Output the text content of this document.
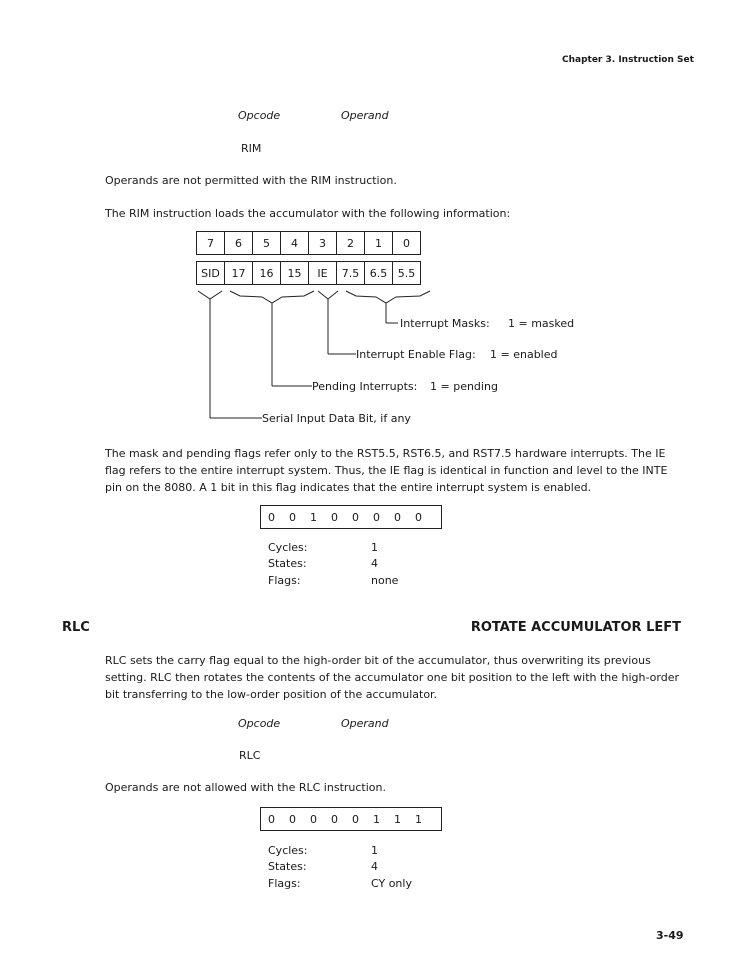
Chapter 3. Instruction Set
Opcode	Operand
RIM
Operands are not permitted with the RIM instruction.
The RIM instruction loads the accumulator with the following information:
7	6	5	4	3	2	1	0

SID	17	16	15	IE	7.5	6.5	5.5
Interrupt Masks: 1 = masked
Interrupt Enable Flag: 1 = enabled
Pending Interrupts: 1 = pending
Serial Input Data Bit, if any
The mask and pending flags refer only to the RST5.5, RST6.5, and RST7.5 hardware interrupts. The IE flag refers to the entire interrupt system. Thus, the IE flag is identical in function and level to the INTE pin on the 8080. A 1 bit in this flag indicates that the entire interrupt system is enabled.
0	0	1	0	0	0	0	0
Cycles:	1
States:	4
Flags:	none
RLC	ROTATE ACCUMULATOR LEFT
RLC sets the carry flag equal to the high-order bit of the accumulator, thus overwriting its previous setting. RLC then rotates the contents of the accumulator one bit position to the left with the high-order bit transferring to the low-order position of the accumulator.
Opcode	Operand
RLC
Operands are not allowed with the RLC instruction.
0	0	0	0	0	1	1	1
Cycles:	1
States:	4
Flags:	CY only
3-49
